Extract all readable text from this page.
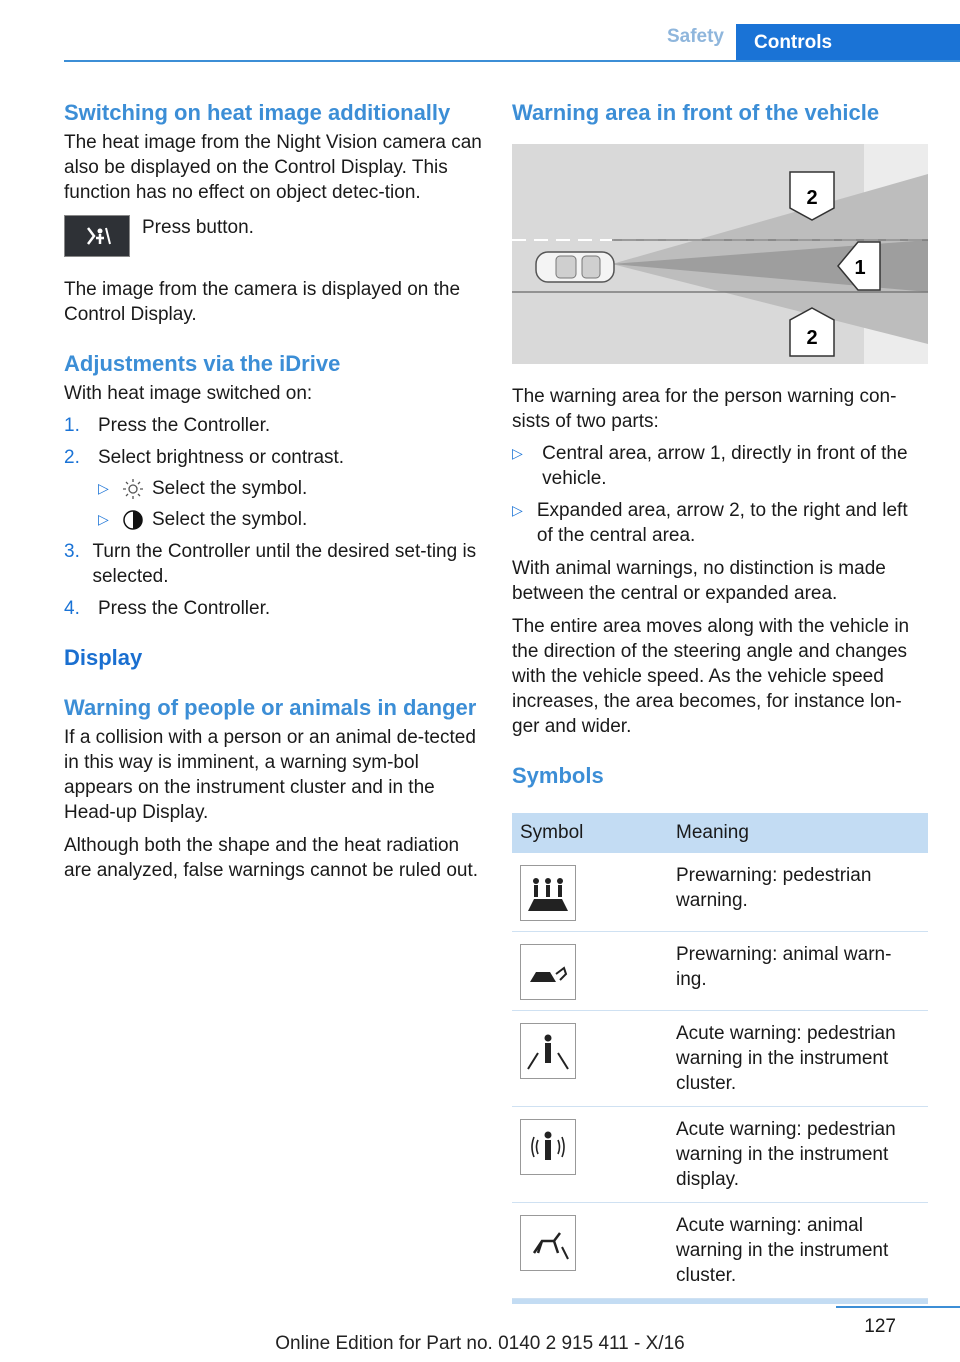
Safety	Controls
Switching on heat image additionally

The heat image from the Night Vision camera can also be displayed on the Control Display. This function has no effect on object detec-tion.

Press button.

The image from the camera is displayed on the Control Display.

Adjustments via the iDrive

With heat image switched on:

1. Press the Controller.

2. Select brightness or contrast.

▷	Select the symbol.

▷	Select the symbol.

3. Turn the Controller until the desired set-ting is selected.

4. Press the Controller.

Display
Warning of people or animals in danger

If a collision with a person or an animal de-tected in this way is imminent, a warning sym-bol appears on the instrument cluster and in the Head-up Display.

Although both the shape and the heat radiation are analyzed, false warnings cannot be ruled out.

Warning area in front of the vehicle
2
1
2

The warning area for the person warning con-sists of two parts:

▷	Central area, arrow 1, directly in front of the vehicle.

▷ Expanded area, arrow 2, to the right and left of the central area.

With animal warnings, no distinction is made between the central or expanded area.

The entire area moves along with the vehicle in the direction of the steering angle and changes with the vehicle speed. As the vehicle speed increases, the area becomes, for instance lon-ger and wider.

Symbols
Symbol	Meaning

	Prewarning: pedestrian warning.

	Prewarning: animal warn-ing.

	Acute warning: pedestrian warning in the instrument cluster.

	Acute warning: pedestrian warning in the instrument display.

	Acute warning: animal warning in the instrument cluster.
127
Online Edition for Part no. 0140 2 915 411 - X/16
